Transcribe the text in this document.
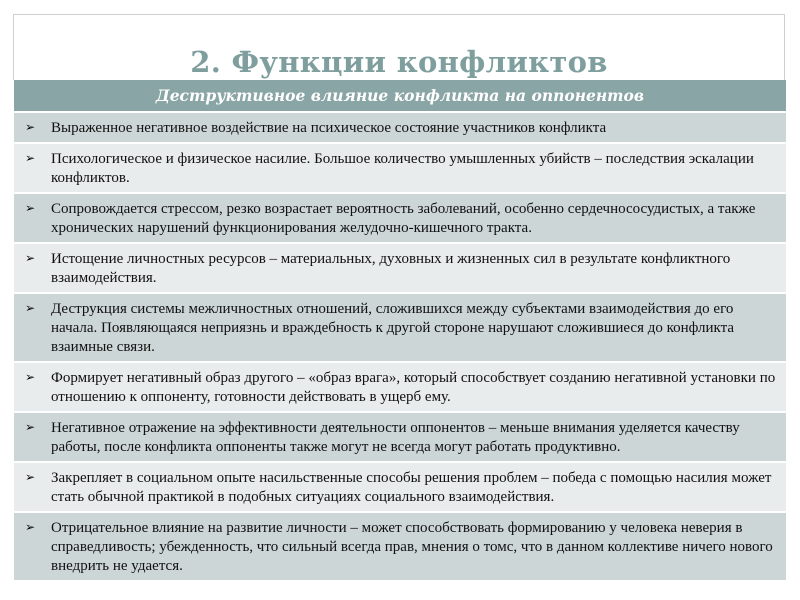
2. Функции конфликтов
Деструктивное влияние конфликта на оппонентов
➢ Выраженное негативное воздействие на психическое состояние участников конфликта
➢ Психологическое и физическое насилие. Большое количество умышленных убийств – последствия эскалации конфликтов.
➢ Сопровождается стрессом, резко возрастает вероятность заболеваний, особенно сердечнососудистых, а также хронических нарушений функционирования желудочно-кишечного тракта.
➢ Истощение личностных ресурсов – материальных, духовных и жизненных сил в результате конфликтного взаимодействия.
➢ Деструкция системы межличностных отношений, сложившихся между субъектами взаимодействия до его начала. Появляющаяся неприязнь и враждебность к другой стороне нарушают сложившиеся до конфликта взаимные связи.
➢ Формирует негативный образ другого – «образ врага», который способствует созданию негативной установки по отношению к оппоненту, готовности действовать в ущерб ему.
➢ Негативное отражение на эффективности деятельности оппонентов – меньше внимания уделяется качеству работы, после конфликта оппоненты также могут не всегда могут работать продуктивно.
➢ Закрепляет в социальном опыте насильственные способы решения проблем – победа с помощью насилия может стать обычной практикой в подобных ситуациях социального взаимодействия.
➢ Отрицательное влияние на развитие личности – может способствовать формированию у человека неверия в справедливость; убежденность, что сильный всегда прав, мнения о томс, что в данном коллективе ничего нового внедрить не удается.
